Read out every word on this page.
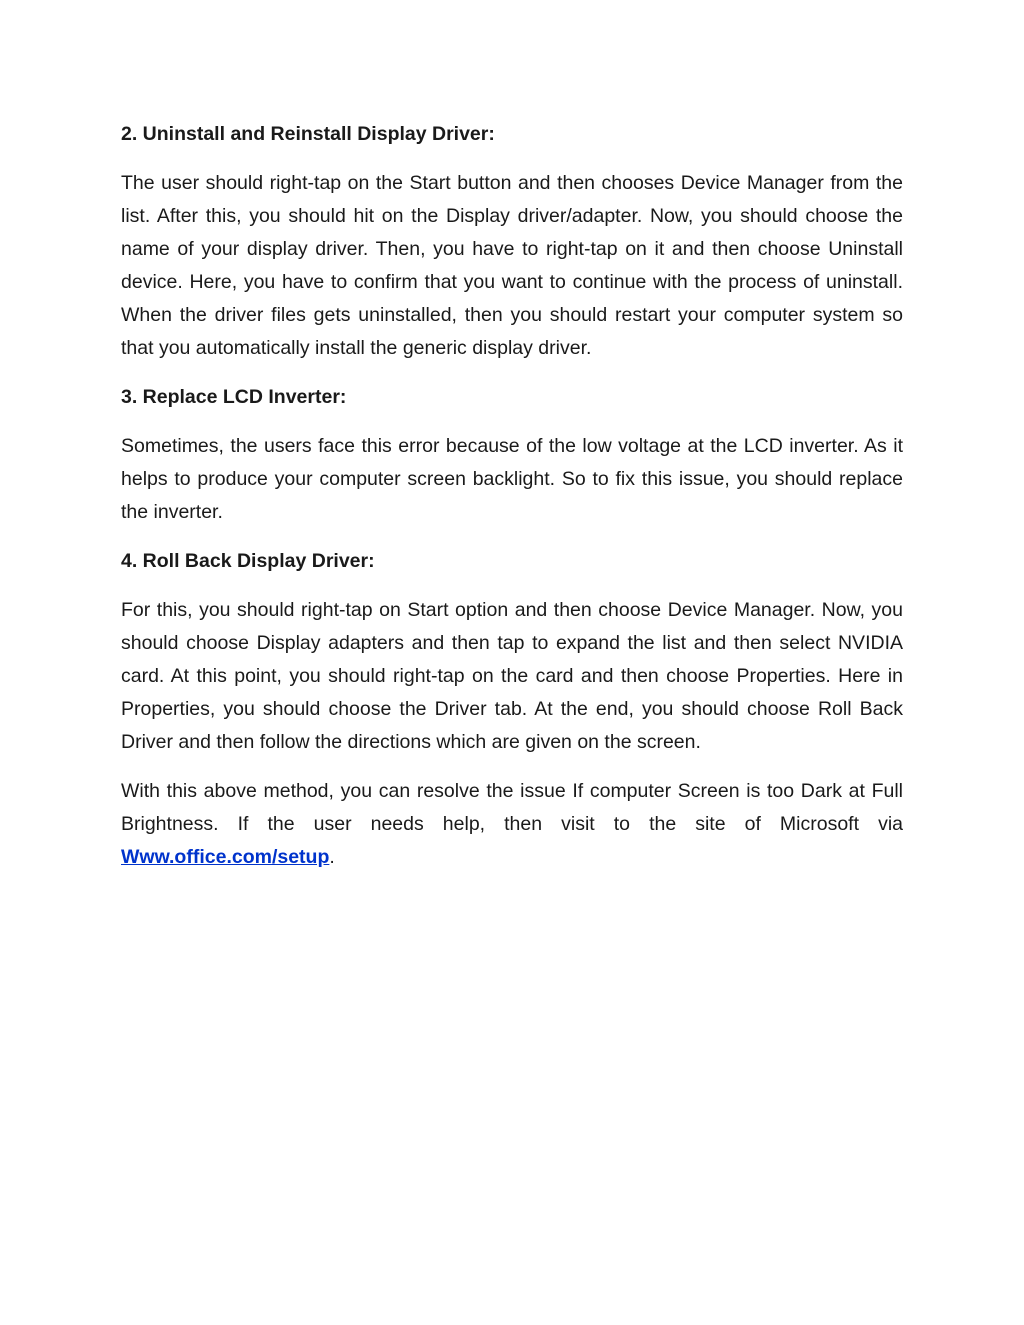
2. Uninstall and Reinstall Display Driver:
The user should right-tap on the Start button and then chooses Device Manager from the list. After this, you should hit on the Display driver/adapter. Now, you should choose the name of your display driver. Then, you have to right-tap on it and then choose Uninstall device. Here, you have to confirm that you want to continue with the process of uninstall. When the driver files gets uninstalled, then you should restart your computer system so that you automatically install the generic display driver.
3. Replace LCD Inverter:
Sometimes, the users face this error because of the low voltage at the LCD inverter. As it helps to produce your computer screen backlight. So to fix this issue, you should replace the inverter.
4. Roll Back Display Driver:
For this, you should right-tap on Start option and then choose Device Manager. Now, you should choose Display adapters and then tap to expand the list and then select NVIDIA card. At this point, you should right-tap on the card and then choose Properties. Here in Properties, you should choose the Driver tab. At the end, you should choose Roll Back Driver and then follow the directions which are given on the screen.
With this above method, you can resolve the issue If computer Screen is too Dark at Full Brightness. If the user needs help, then visit to the site of Microsoft via Www.office.com/setup.
